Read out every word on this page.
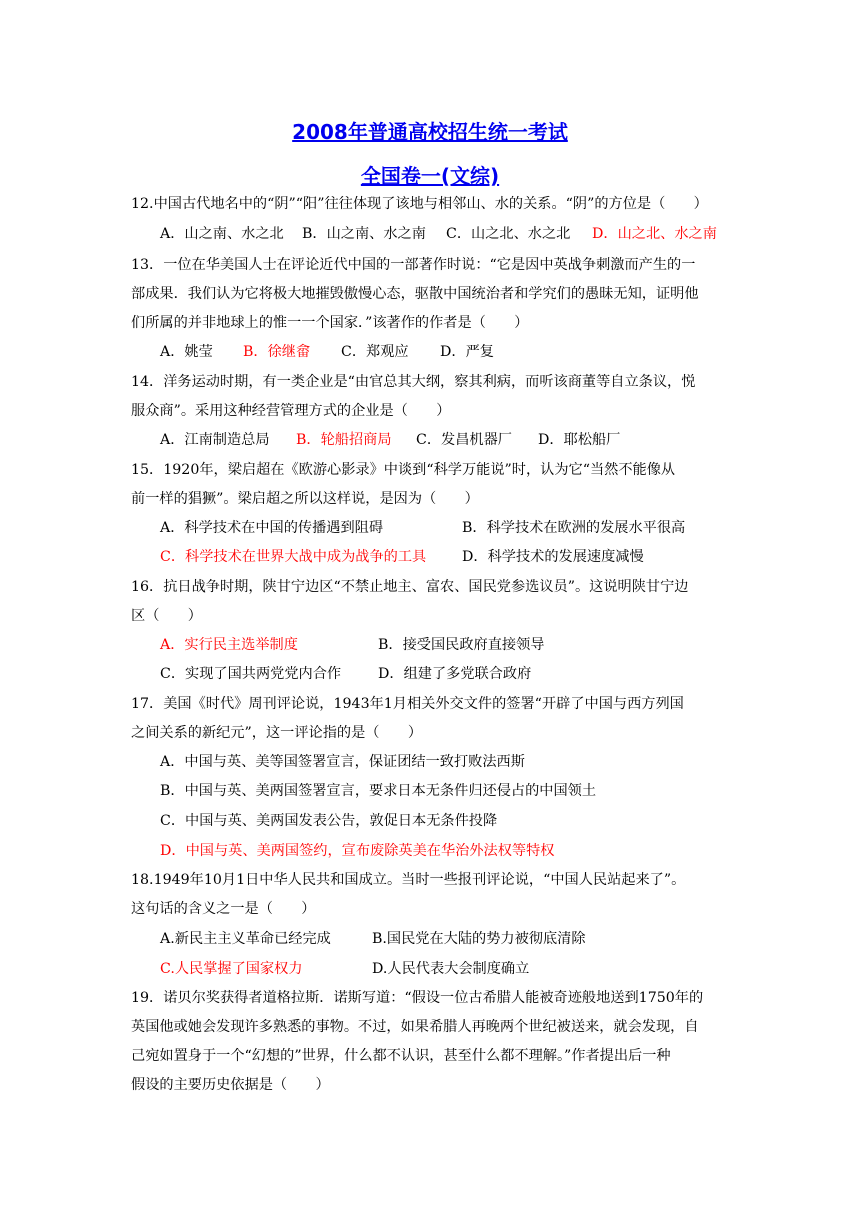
2008年普通高校招生统一考试
全国卷一(文综)
12.中国古代地名中的“阴”“阳”往往体现了该地与相邻山、水的关系。“阴”的方位是（　　）
A．山之南、水之北 B．山之南、水之南 C．山之北、水之北 D．山之北、水之南
13．一位在华美国人士在评论近代中国的一部著作时说：“它是因中英战争刺激而产生的一
部成果．我们认为它将极大地摧毁傲慢心态，驱散中国统治者和学究们的愚昧无知，证明他
们所属的并非地球上的惟一一个国家．”该著作的作者是（　　）
A．姚莹 B．徐继畲 C．郑观应 D．严复
14．洋务运动时期，有一类企业是“由官总其大纲，察其利病，而听该商董等自立条议，悦
服众商”。采用这种经营管理方式的企业是（　　）
A．江南制造总局 B．轮船招商局 C．发昌机器厂 D．耶松船厂
15．1920年，梁启超在《欧游心影录》中谈到“科学万能说”时，认为它“当然不能像从
前一样的猖獗”。梁启超之所以这样说，是因为（　　）
A．科学技术在中国的传播遇到阻碍	B．科学技术在欧洲的发展水平很高
C．科学技术在世界大战中成为战争的工具	D．科学技术的发展速度减慢
16．抗日战争时期，陕甘宁边区“不禁止地主、富农、国民党参选议员”。这说明陕甘宁边
区（　　）
A．实行民主选举制度	B．接受国民政府直接领导
C．实现了国共两党党内合作	D．组建了多党联合政府
17．美国《时代》周刊评论说，1943年1月相关外交文件的签署“开辟了中国与西方列国
之间关系的新纪元”，这一评论指的是（　　）
A．中国与英、美等国签署宣言，保证团结一致打败法西斯
B．中国与英、美两国签署宣言，要求日本无条件归还侵占的中国领土
C．中国与英、美两国发表公告，敦促日本无条件投降
D．中国与英、美两国签约，宣布废除英美在华治外法权等特权
18.1949年10月1日中华人民共和国成立。当时一些报刊评论说，“中国人民站起来了”。
这句话的含义之一是（　　）
A.新民主主义革命已经完成	B.国民党在大陆的势力被彻底清除
C.人民掌握了国家权力	D.人民代表大会制度确立
19．诺贝尔奖获得者道格拉斯．诺斯写道：“假设一位古希腊人能被奇迹般地送到1750年的
英国他或她会发现许多熟悉的事物。不过，如果希腊人再晚两个世纪被送来，就会发现，自
己宛如置身于一个“幻想的”世界，什么都不认识，甚至什么都不理解。”作者提出后一种
假设的主要历史依据是（　　）
